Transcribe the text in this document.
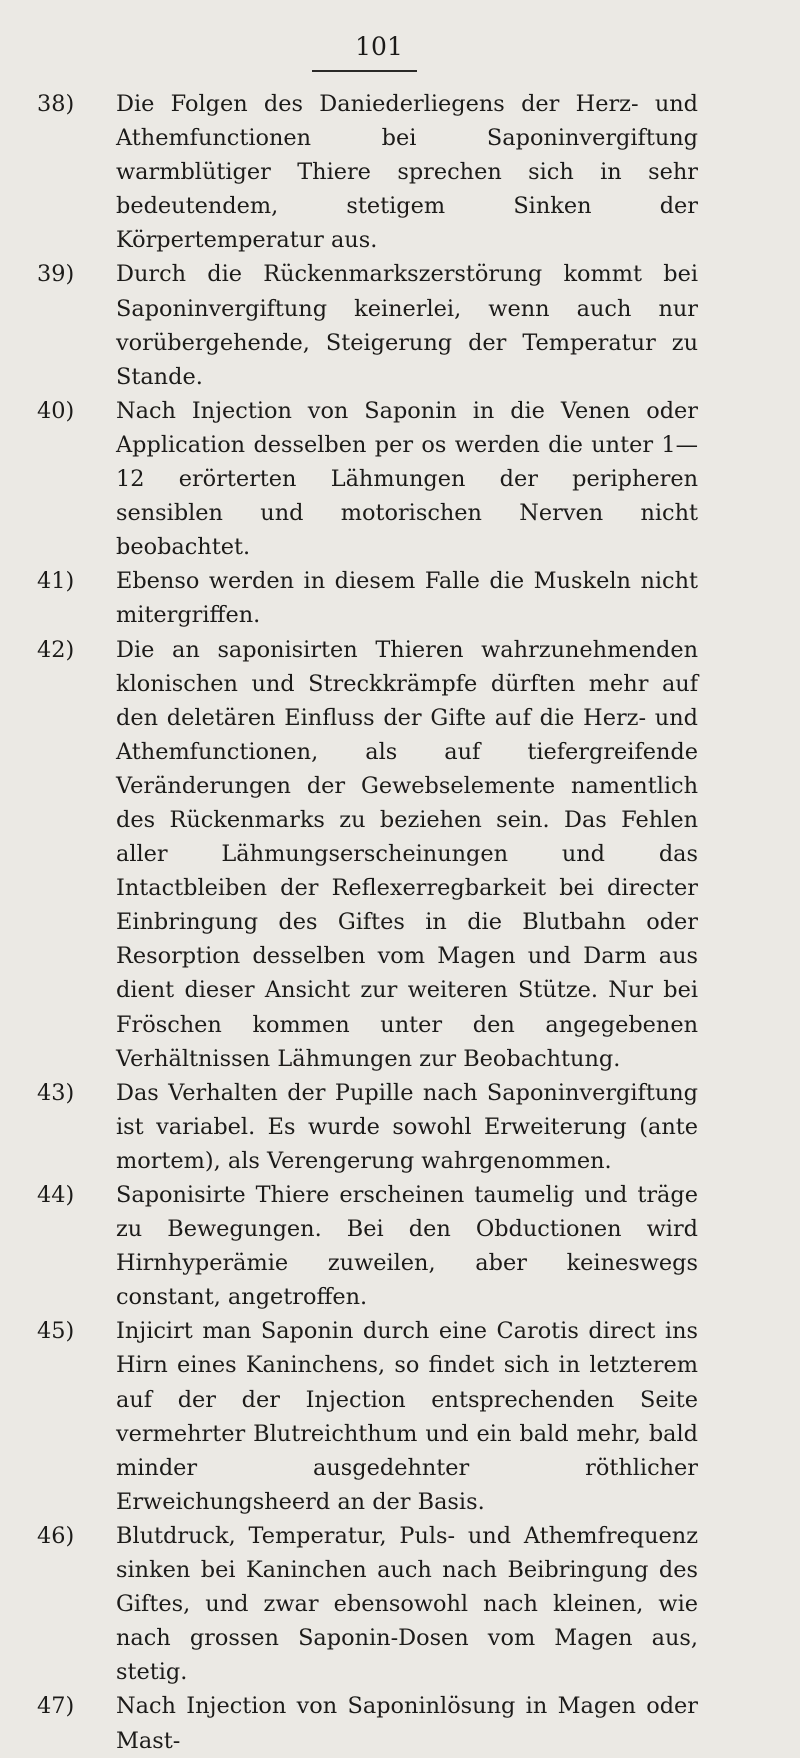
101
38) Die Folgen des Daniederliegens der Herz- und Athemfunctionen bei Saponinvergiftung warmblütiger Thiere sprechen sich in sehr bedeutendem, stetigem Sinken der Körpertemperatur aus.
39) Durch die Rückenmarkszerstörung kommt bei Saponinvergiftung keinerlei, wenn auch nur vorübergehende, Steigerung der Temperatur zu Stande.
40) Nach Injection von Saponin in die Venen oder Application desselben per os werden die unter 1—12 erörterten Lähmungen der peripheren sensiblen und motorischen Nerven nicht beobachtet.
41) Ebenso werden in diesem Falle die Muskeln nicht mitergriffen.
42) Die an saponisirten Thieren wahrzunehmenden klonischen und Streckkrämpfe dürften mehr auf den deletären Einfluss der Gifte auf die Herz- und Athemfunctionen, als auf tiefergreifende Veränderungen der Gewebselemente namentlich des Rückenmarks zu beziehen sein. Das Fehlen aller Lähmungserscheinungen und das Intactbleiben der Reflexerregbarkeit bei directer Einbringung des Giftes in die Blutbahn oder Resorption desselben vom Magen und Darm aus dient dieser Ansicht zur weiteren Stütze. Nur bei Fröschen kommen unter den angegebenen Verhältnissen Lähmungen zur Beobachtung.
43) Das Verhalten der Pupille nach Saponinvergiftung ist variabel. Es wurde sowohl Erweiterung (ante mortem), als Verengerung wahrgenommen.
44) Saponisirte Thiere erscheinen taumelig und träge zu Bewegungen. Bei den Obductionen wird Hirnhyperämie zuweilen, aber keineswegs constant, angetroffen.
45) Injicirt man Saponin durch eine Carotis direct ins Hirn eines Kaninchens, so findet sich in letzterem auf der der Injection entsprechenden Seite vermehrter Blutreichthum und ein bald mehr, bald minder ausgedehnter röthlicher Erweichungsheerd an der Basis.
46) Blutdruck, Temperatur, Puls- und Athemfrequenz sinken bei Kaninchen auch nach Beibringung des Giftes, und zwar ebensowohl nach kleinen, wie nach grossen Saponin-Dosen vom Magen aus, stetig.
47) Nach Injection von Saponinlösung in Magen oder Mast-
